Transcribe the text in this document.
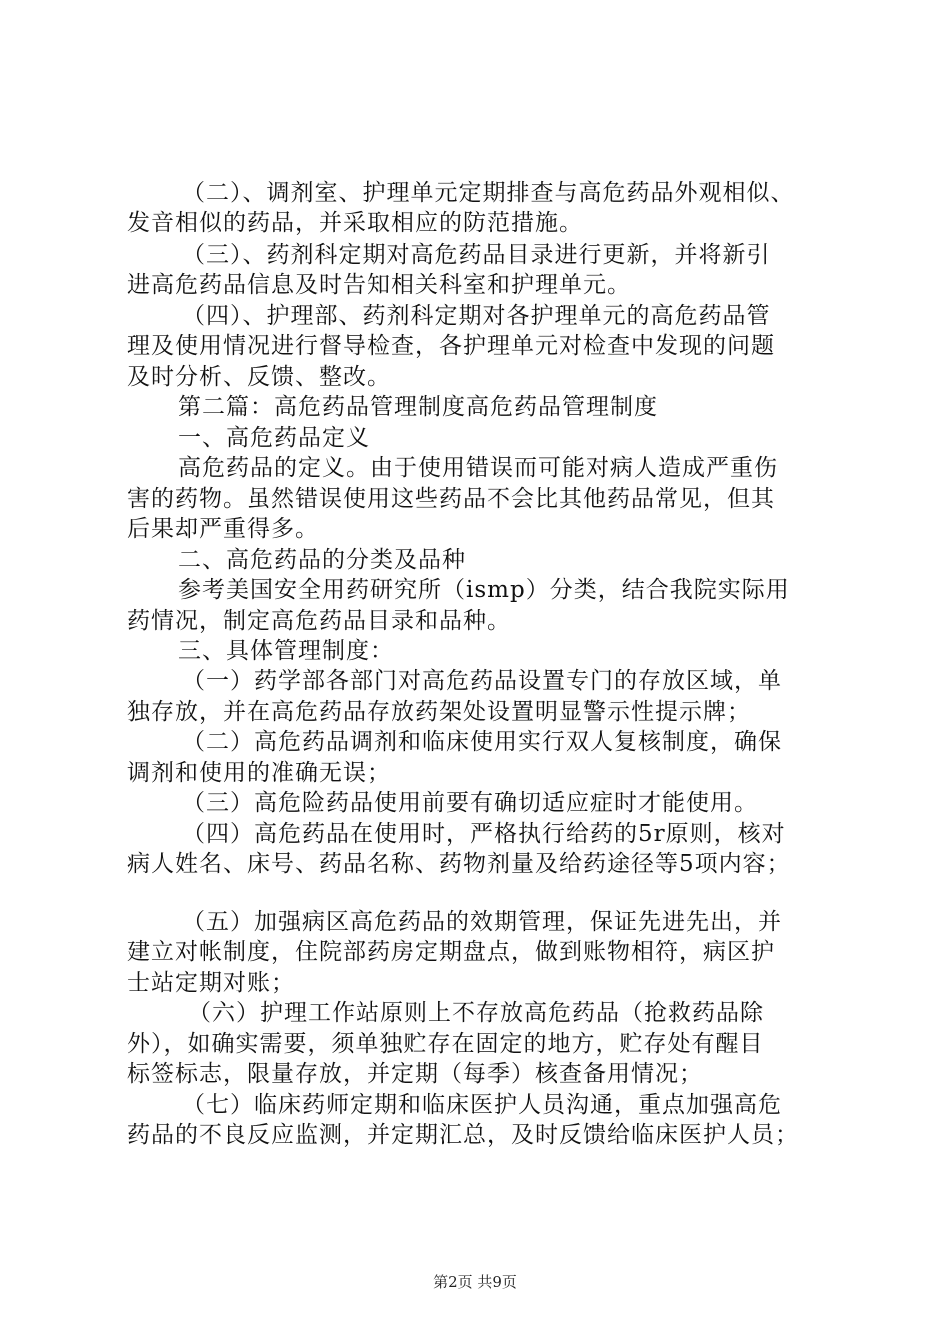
（二）、调剂室、护理单元定期排查与高危药品外观相似、
发音相似的药品，并采取相应的防范措施。
（三）、药剂科定期对高危药品目录进行更新，并将新引
进高危药品信息及时告知相关科室和护理单元。
（四）、护理部、药剂科定期对各护理单元的高危药品管
理及使用情况进行督导检查，各护理单元对检查中发现的问题
及时分析、反馈、整改。
第二篇：高危药品管理制度高危药品管理制度
一、高危药品定义
高危药品的定义。由于使用错误而可能对病人造成严重伤
害的药物。虽然错误使用这些药品不会比其他药品常见，但其
后果却严重得多。
二、高危药品的分类及品种
参考美国安全用药研究所（ismp）分类，结合我院实际用
药情况，制定高危药品目录和品种。
三、具体管理制度：
（一）药学部各部门对高危药品设置专门的存放区域，单
独存放，并在高危药品存放药架处设置明显警示性提示牌；
（二）高危药品调剂和临床使用实行双人复核制度，确保
调剂和使用的准确无误；
（三）高危险药品使用前要有确切适应症时才能使用。
（四）高危药品在使用时，严格执行给药的5r原则，核对
病人姓名、床号、药品名称、药物剂量及给药途径等5项内容；
（五）加强病区高危药品的效期管理，保证先进先出，并
建立对帐制度，住院部药房定期盘点，做到账物相符，病区护
士站定期对账；
（六）护理工作站原则上不存放高危药品（抢救药品除
外），如确实需要，须单独贮存在固定的地方，贮存处有醒目
标签标志，限量存放，并定期（每季）核查备用情况；
（七）临床药师定期和临床医护人员沟通，重点加强高危
药品的不良反应监测，并定期汇总，及时反馈给临床医护人员；
第2页 共9页
